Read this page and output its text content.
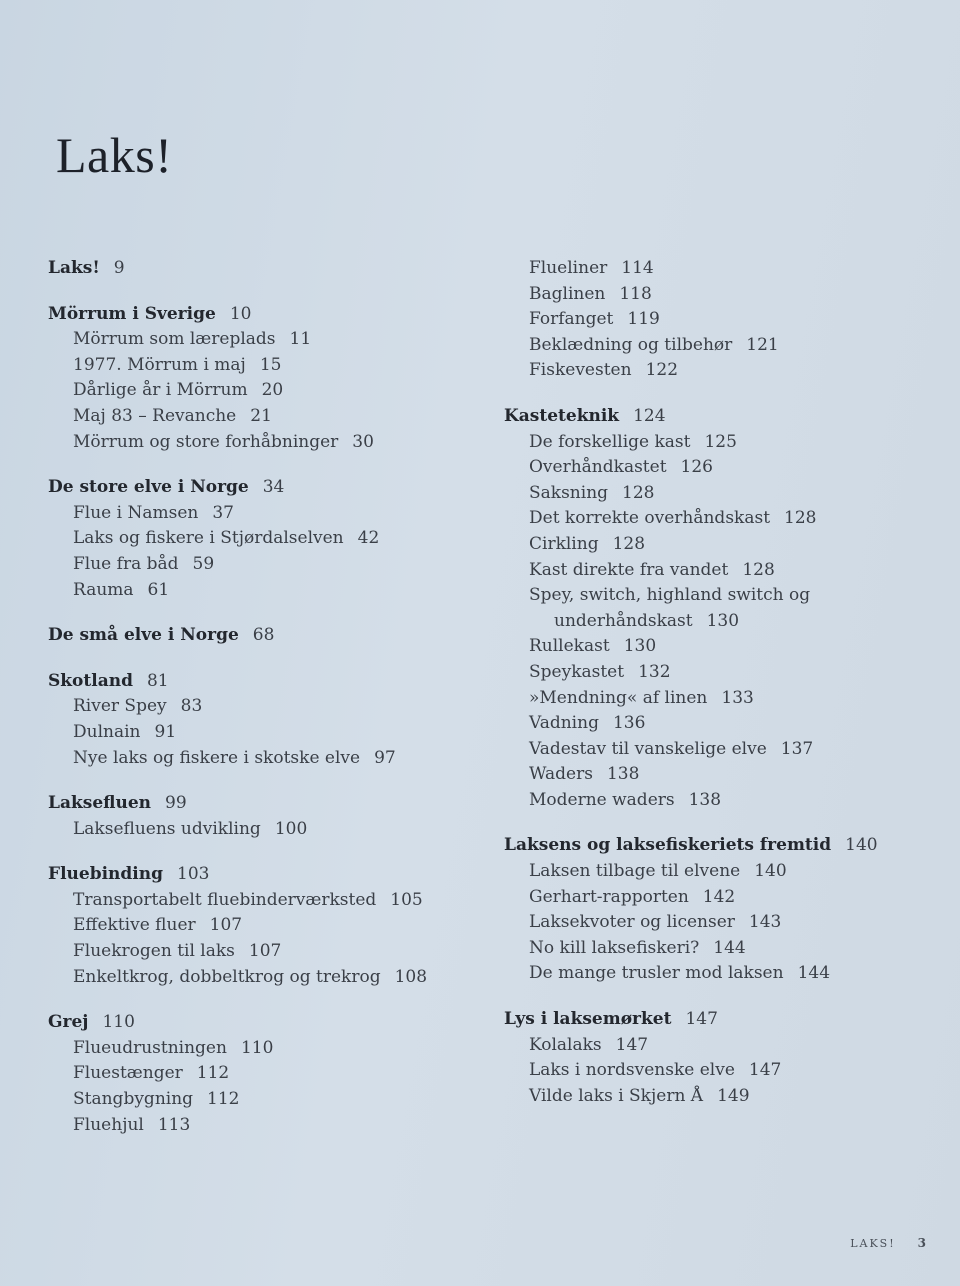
Laks!
Laks! 9
Mörrum i Sverige 10
Mörrum som læreplads 11
1977. Mörrum i maj 15
Dårlige år i Mörrum 20
Maj 83 – Revanche 21
Mörrum og store forhåbninger 30
De store elve i Norge 34
Flue i Namsen 37
Laks og fiskere i Stjørdalselven 42
Flue fra båd 59
Rauma 61
De små elve i Norge 68
Skotland 81
River Spey 83
Dulnain 91
Nye laks og fiskere i skotske elve 97
Laksefluen 99
Laksefluens udvikling 100
Fluebinding 103
Transportabelt fluebinderværksted 105
Effektive fluer 107
Fluekrogen til laks 107
Enkeltkrog, dobbeltkrog og trekrog 108
Grej 110
Flueudrustningen 110
Fluestænger 112
Stangbygning 112
Fluehjul 113
Flueliner 114
Baglinen 118
Forfanget 119
Beklædning og tilbehør 121
Fiskevesten 122
Kasteteknik 124
De forskellige kast 125
Overhåndkastet 126
Saksning 128
Det korrekte overhåndskast 128
Cirkling 128
Kast direkte fra vandet 128
Spey, switch, highland switch og
underhåndskast 130
Rullekast 130
Speykastet 132
»Mendning« af linen 133
Vadning 136
Vadestav til vanskelige elve 137
Waders 138
Moderne waders 138
Laksens og laksefiskeriets fremtid 140
Laksen tilbage til elvene 140
Gerhart-rapporten 142
Laksekvoter og licenser 143
No kill laksefiskeri? 144
De mange trusler mod laksen 144
Lys i laksemørket 147
Kolalaks 147
Laks i nordsvenske elve 147
Vilde laks i Skjern Å 149
LAKS! 3
